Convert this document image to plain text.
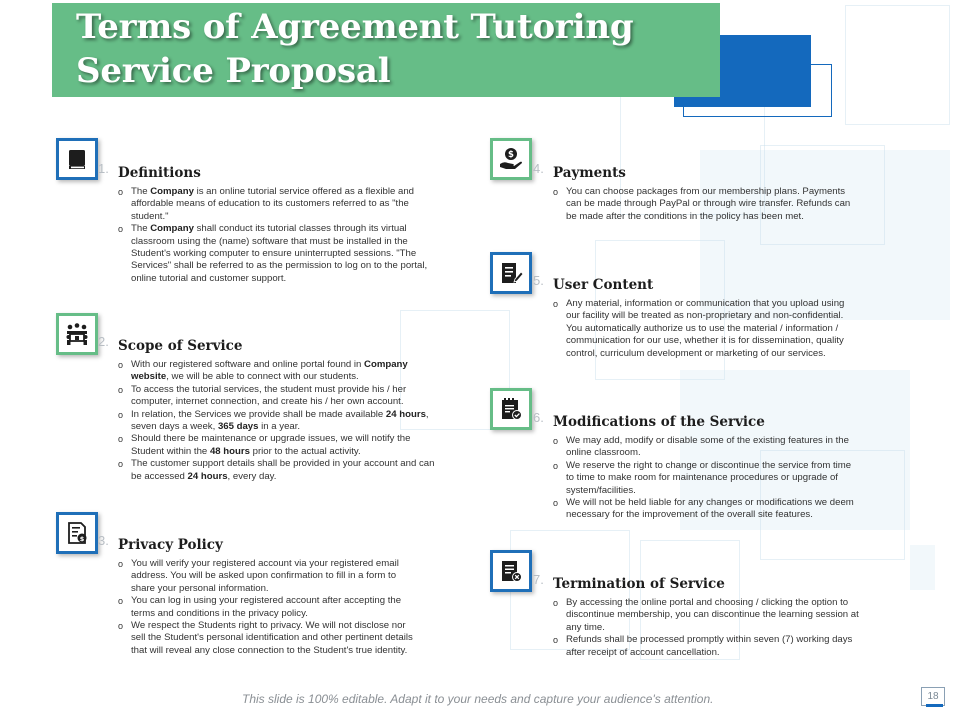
Terms of Agreement Tutoring
Service Proposal
$
$
1. Definitions
o The Company is an online tutorial service offered as a flexible and
affordable means of education to its customers referred to as "the
student."
o The Company shall conduct its tutorial classes through its virtual
classroom using the (name) software that must be installed in the
Student's working computer to ensure uninterrupted sessions. "The
Services" shall be referred to as the permission to log on to the portal,
online tutorial and customer support.
2. Scope of Service
o With our registered software and online portal found in Company
website, we will be able to connect with our students.
o To access the tutorial services, the student must provide his / her
computer, internet connection, and create his / her own account.
o In relation, the Services we provide shall be made available 24 hours,
seven days a week, 365 days in a year.
o Should there be maintenance or upgrade issues, we will notify the
Student within the 48 hours prior to the actual activity.
o The customer support details shall be provided in your account and can
be accessed 24 hours, every day.
3. Privacy Policy
o You will verify your registered account via your registered email
address. You will be asked upon confirmation to fill in a form to
share your personal information.
o You can log in using your registered account after accepting the
terms and conditions in the privacy policy.
o We respect the Students right to privacy. We will not disclose nor
sell the Student's personal identification and other pertinent details
that will reveal any close connection to the Student's true identity.
4. Payments
o You can choose packages from our membership plans. Payments
can be made through PayPal or through wire transfer. Refunds can
be made after the conditions in the policy has been met.
5. User Content
o Any material, information or communication that you upload using
our facility will be treated as non-proprietary and non-confidential.
You automatically authorize us to use the material / information /
communication for our use, whether it is for dissemination, quality
control, curriculum development or marketing of our services.
6. Modifications of the Service
o We may add, modify or disable some of the existing features in the
online classroom.
o We reserve the right to change or discontinue the service from time
to time to make room for maintenance procedures or upgrade of
system/facilities.
o We will not be held liable for any changes or modifications we deem
necessary for the improvement of the overall site features.
7. Termination of Service
o By accessing the online portal and choosing / clicking the option to
discontinue membership, you can discontinue the learning session at
any time.
o Refunds shall be processed promptly within seven (7) working days
after receipt of account cancellation.
This slide is 100% editable. Adapt it to your needs and capture your audience's attention.	18
